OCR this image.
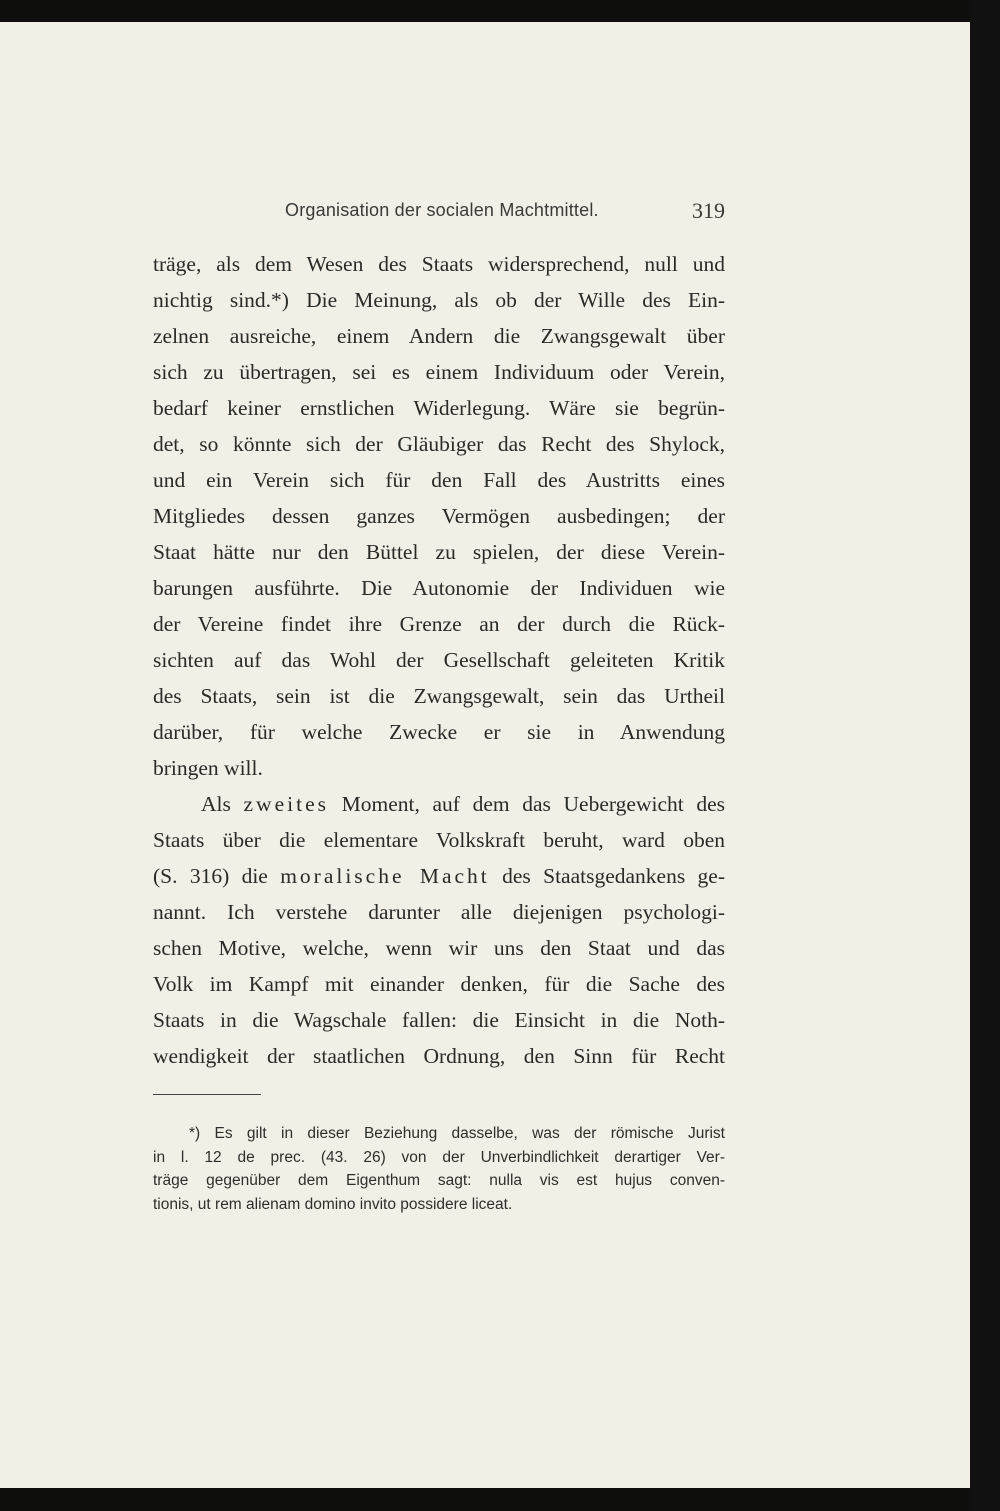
Organisation der socialen Machtmittel.	319
träge, als dem Wesen des Staats widersprechend, null und
nichtig sind.*) Die Meinung, als ob der Wille des Ein-
zelnen ausreiche, einem Andern die Zwangsgewalt über
sich zu übertragen, sei es einem Individuum oder Verein,
bedarf keiner ernstlichen Widerlegung. Wäre sie begrün-
det, so könnte sich der Gläubiger das Recht des Shylock,
und ein Verein sich für den Fall des Austritts eines
Mitgliedes dessen ganzes Vermögen ausbedingen; der
Staat hätte nur den Büttel zu spielen, der diese Verein-
barungen ausführte. Die Autonomie der Individuen wie
der Vereine findet ihre Grenze an der durch die Rück-
sichten auf das Wohl der Gesellschaft geleiteten Kritik
des Staats, sein ist die Zwangsgewalt, sein das Urtheil
darüber, für welche Zwecke er sie in Anwendung
bringen will.
Als zweites Moment, auf dem das Uebergewicht des
Staats über die elementare Volkskraft beruht, ward oben
(S. 316) die moralische Macht des Staatsgedankens ge-
nannt. Ich verstehe darunter alle diejenigen psychologi-
schen Motive, welche, wenn wir uns den Staat und das
Volk im Kampf mit einander denken, für die Sache des
Staats in die Wagschale fallen: die Einsicht in die Noth-
wendigkeit der staatlichen Ordnung, den Sinn für Recht
*) Es gilt in dieser Beziehung dasselbe, was der römische Jurist
in l. 12 de prec. (43. 26) von der Unverbindlichkeit derartiger Ver-
träge gegenüber dem Eigenthum sagt: nulla vis est hujus conven-
tionis, ut rem alienam domino invito possidere liceat.
